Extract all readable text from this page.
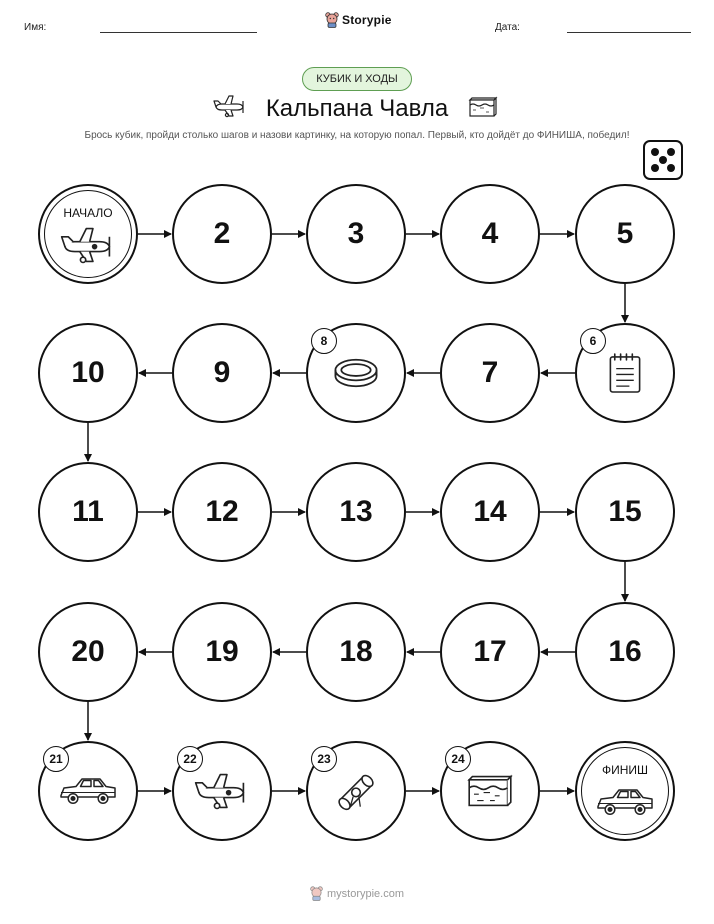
Имя:
Storypie
Дата:
КУБИК И ХОДЫ
Кальпана Чавла
Брось кубик, пройди столько шагов и назови картинку, на которую попал. Первый, кто дойдёт до ФИНИША, победил!
НАЧАЛО
2	3	4	5
6
7
8
9
10
11	12	13	14	15
16
17
18
19
20
21	22	23	24
ФИНИШ
mystorypie.com
